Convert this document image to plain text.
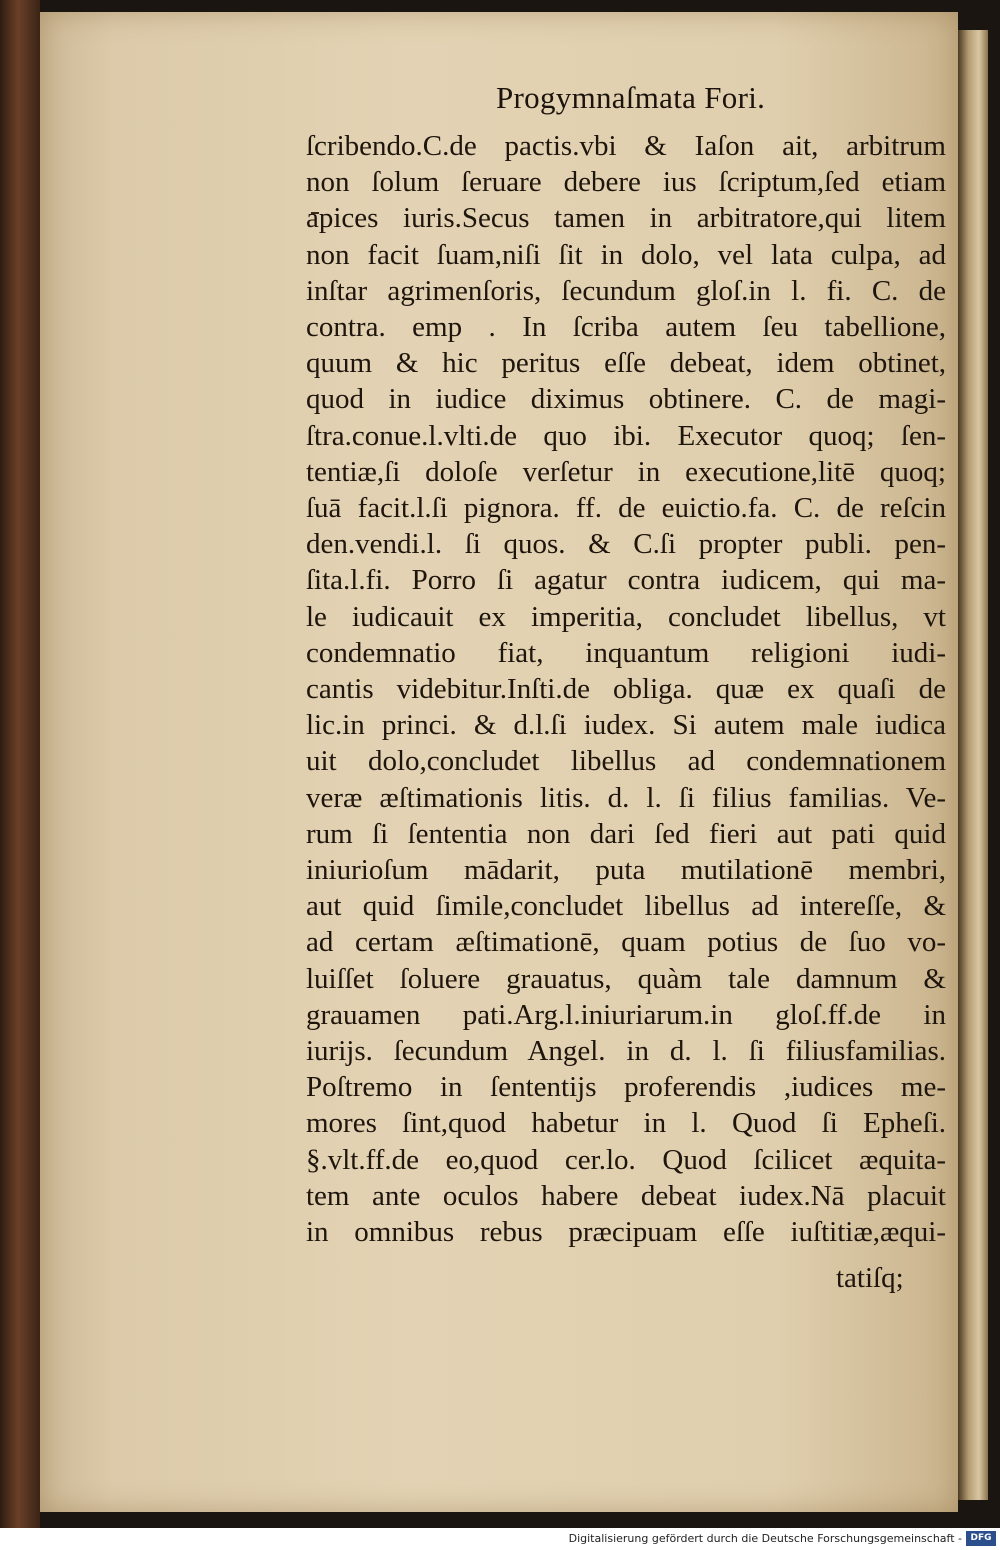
Progymnaſmata Fori.
ſcribendo.C.de pactis.vbi & Iaſon ait, arbitrum
non ſolum ſeruare debere ius ſcriptum,ſed etiam
apices iuris.Secus tamen in arbitratore,qui litem
non facit ſuam,niſi ſit in dolo, vel lata culpa, ad
inſtar agrimenſoris, ſecundum gloſ.in l. fi. C. de
contra. emp . In ſcriba autem ſeu tabellione,
quum & hic peritus eſſe debeat, idem obtinet,
quod in iudice diximus obtinere. C. de magi-
ſtra.conue.l.vlti.de quo ibi. Executor quoq; ſen-
tentiæ,ſi doloſe verſetur in executione,litē quoq;
ſuā facit.l.ſi pignora. ff. de euictio.fa. C. de reſcin
den.vendi.l. ſi quos. & C.ſi propter publi. pen-
ſita.l.fi. Porro ſi agatur contra iudicem, qui ma-
le iudicauit ex imperitia, concludet libellus, vt
condemnatio fiat, inquantum religioni iudi-
cantis videbitur.Inſti.de obliga. quæ ex quaſi de
lic.in princi. & d.l.ſi iudex. Si autem male iudica
uit dolo,concludet libellus ad condemnationem
veræ æſtimationis litis. d. l. ſi filius familias. Ve-
rum ſi ſententia non dari ſed fieri aut pati quid
iniurioſum mādarit, puta mutilationē membri,
aut quid ſimile,concludet libellus ad intereſſe, &
ad certam æſtimationē, quam potius de ſuo vo-
luiſſet ſoluere grauatus, quàm tale damnum &
grauamen pati.Arg.l.iniuriarum.in gloſ.ff.de in
iurijs. ſecundum Angel. in d. l. ſi filiusfamilias.
Poſtremo in ſententijs proferendis ,iudices me-
mores ſint,quod habetur in l. Quod ſi Epheſi.
§.vlt.ff.de eo,quod cer.lo. Quod ſcilicet æquita-
tem ante oculos habere debeat iudex.Nā placuit
in omnibus rebus præcipuam eſſe iuſtitiæ,æqui-
tatiſq;
Digitalisierung gefördert durch die Deutsche Forschungsgemeinschaft - DFG
